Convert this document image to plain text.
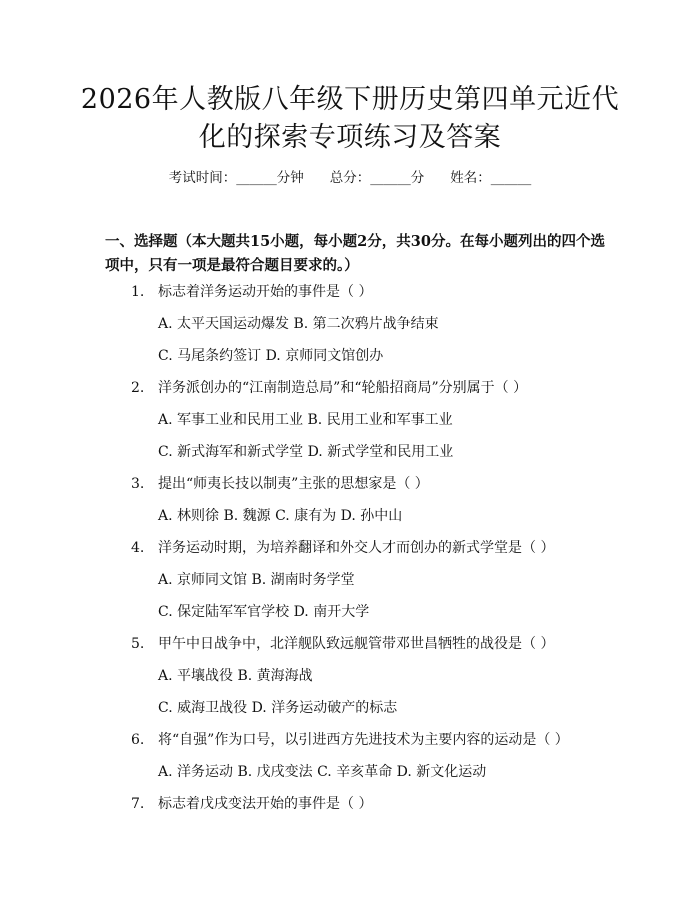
2026年人教版八年级下册历史第四单元近代
化的探索专项练习及答案
考试时间：______分钟 总分：______分 姓名：______
一、选择题（本大题共15小题，每小题2分，共30分。在每小题列出的四个选
项中，只有一项是最符合题目要求的。）
1. 标志着洋务运动开始的事件是（ ）
A. 太平天国运动爆发 B. 第二次鸦片战争结束
C. 马尾条约签订 D. 京师同文馆创办
2. 洋务派创办的“江南制造总局”和“轮船招商局”分别属于（ ）
A. 军事工业和民用工业 B. 民用工业和军事工业
C. 新式海军和新式学堂 D. 新式学堂和民用工业
3. 提出“师夷长技以制夷”主张的思想家是（ ）
A. 林则徐 B. 魏源 C. 康有为 D. 孙中山
4. 洋务运动时期，为培养翻译和外交人才而创办的新式学堂是（ ）
A. 京师同文馆 B. 湖南时务学堂
C. 保定陆军军官学校 D. 南开大学
5. 甲午中日战争中，北洋舰队致远舰管带邓世昌牺牲的战役是（ ）
A. 平壤战役 B. 黄海海战
C. 威海卫战役 D. 洋务运动破产的标志
6. 将“自强”作为口号，以引进西方先进技术为主要内容的运动是（ ）
A. 洋务运动 B. 戊戌变法 C. 辛亥革命 D. 新文化运动
7. 标志着戊戌变法开始的事件是（ ）
